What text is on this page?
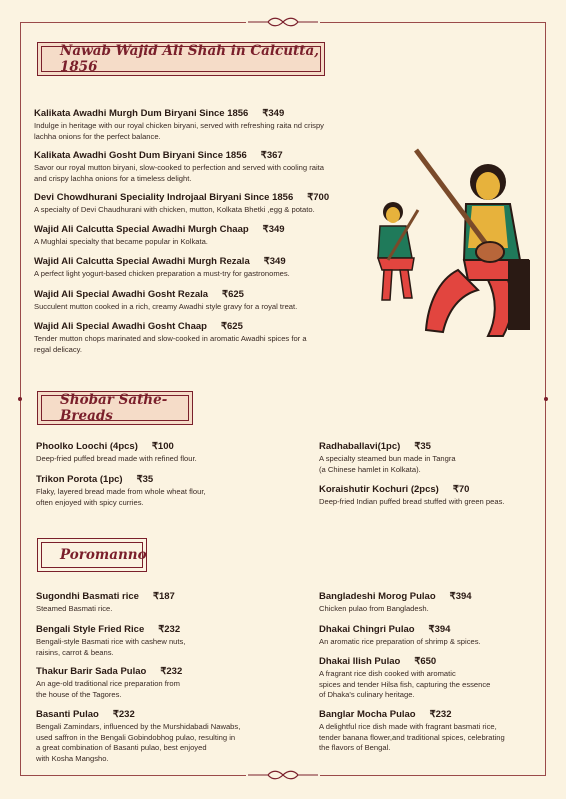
Nawab Wajid Ali Shah in Calcutta, 1856
Kalikata Awadhi Murgh Dum Biryani Since 1856 ₹349
Indulge in heritage with our royal chicken biryani, served with refreshing raita nd crispy
lachha onions for the perfect balance.
Kalikata Awadhi Gosht Dum Biryani Since 1856 ₹367
Savor our royal mutton biryani, slow-cooked to perfection and served with cooling raita
and crispy lachha onions for a timeless delight.
Devi Chowdhurani Speciality Indrojaal Biryani Since 1856 ₹700
A specialty of Devi Chaudhurani with chicken, mutton, Kolkata Bhetki ,egg & potato.
Wajid Ali Calcutta Special Awadhi Murgh Chaap ₹349
A Mughlai specialty that became popular in Kolkata.
Wajid Ali Calcutta Special Awadhi Murgh Rezala ₹349
A perfect light yogurt-based chicken preparation a must-try for gastronomes.
Wajid Ali Special Awadhi Gosht Rezala ₹625
Succulent mutton cooked in a rich, creamy Awadhi style gravy for a royal treat.
Wajid Ali Special Awadhi Gosht Chaap ₹625
Tender mutton chops marinated and slow-cooked in aromatic Awadhi spices for a
regal delicacy.
Shobar Sathe- Breads
Phoolko Loochi (4pcs) ₹100
Deep-fried puffed bread made with refined flour.
Trikon Porota (1pc) ₹35
Flaky, layered bread made from whole wheat flour,
often enjoyed with spicy curries.
Radhaballavi(1pc) ₹35
A specialty steamed bun made in Tangra
(a Chinese hamlet in Kolkata).
Koraishutir Kochuri (2pcs) ₹70
Deep-fried Indian puffed bread stuffed with green peas.
Poromanno
Sugondhi Basmati rice ₹187
Steamed Basmati rice.
Bengali Style Fried Rice ₹232
Bengali-style Basmati rice with cashew nuts,
raisins, carrot & beans.
Thakur Barir Sada Pulao ₹232
An age-old traditional rice preparation from
the house of the Tagores.
Basanti Pulao ₹232
Bengali Zamindars, influenced by the Murshidabadi Nawabs,
used saffron in the Bengali Gobindobhog pulao, resulting in
a great combination of Basanti pulao, best enjoyed
with Kosha Mangsho.
Bangladeshi Morog Pulao ₹394
Chicken pulao from Bangladesh.
Dhakai Chingri Pulao ₹394
An aromatic rice preparation of shrimp & spices.
Dhakai Ilish Pulao ₹650
A fragrant rice dish cooked with aromatic
spices and tender Hilsa fish, capturing the essence
of Dhaka's culinary heritage.
Banglar Mocha Pulao ₹232
A delightful rice dish made with fragrant basmati rice,
tender banana flower,and traditional spices, celebrating
the flavors of Bengal.
